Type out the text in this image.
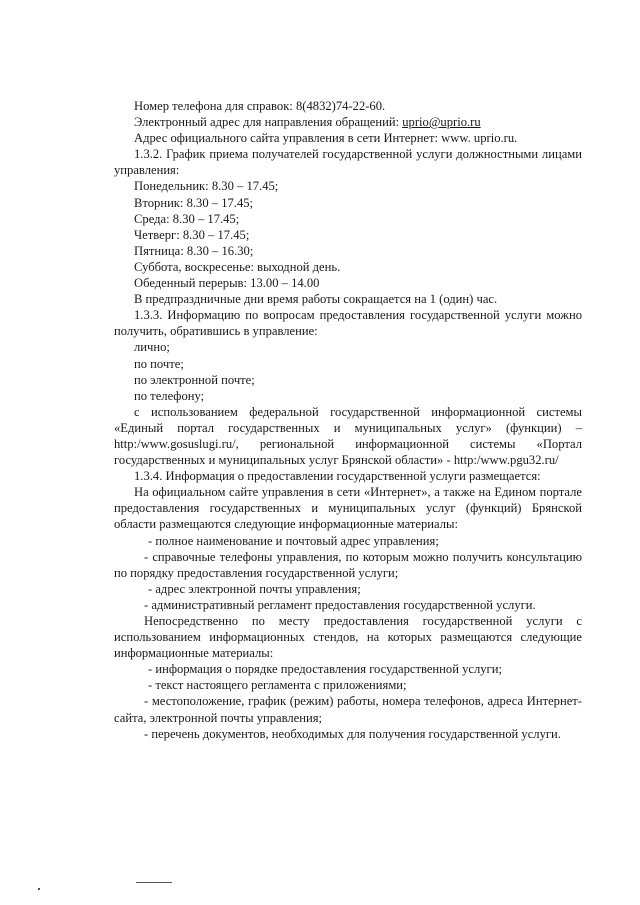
Номер телефона для справок: 8(4832)74-22-60.

Электронный адрес для направления обращений: uprio@uprio.ru

Адрес официального сайта управления в сети Интернет: www. uprio.ru.

1.3.2. График приема получателей государственной услуги должностными лицами управления:

Понедельник: 8.30 – 17.45;
Вторник: 8.30 – 17.45;
Среда: 8.30 – 17.45;
Четверг: 8.30 – 17.45;
Пятница: 8.30 – 16.30;
Суббота, воскресенье: выходной день.
Обеденный перерыв: 13.00 – 14.00
В предпраздничные дни время работы сокращается на 1 (один) час.

1.3.3. Информацию по вопросам предоставления государственной услуги можно получить, обратившись в управление:

лично;
по почте;
по электронной почте;
по телефону;

с использованием федеральной государственной информационной системы «Единый портал государственных и муниципальных услуг» (функции) – http:/www.gosuslugi.ru/, региональной информационной системы «Портал государственных и муниципальных услуг Брянской области» - http:/www.pgu32.ru/

1.3.4. Информация о предоставлении государственной услуги размещается:

На официальном сайте управления в сети «Интернет», а также на Едином портале предоставления государственных и муниципальных услуг (функций) Брянской области размещаются следующие информационные материалы:

- полное наименование и почтовый адрес управления;

- справочные телефоны управления, по которым можно получить консультацию по порядку предоставления государственной услуги;

- адрес электронной почты управления;

- административный регламент предоставления государственной услуги.

Непосредственно по месту предоставления государственной услуги с использованием информационных стендов, на которых размещаются следующие информационные материалы:

- информация о порядке предоставления государственной услуги;

- текст настоящего регламента с приложениями;

- местоположение, график (режим) работы, номера телефонов, адреса Интернет-сайта, электронной почты управления;

- перечень документов, необходимых для получения государственной услуги.
